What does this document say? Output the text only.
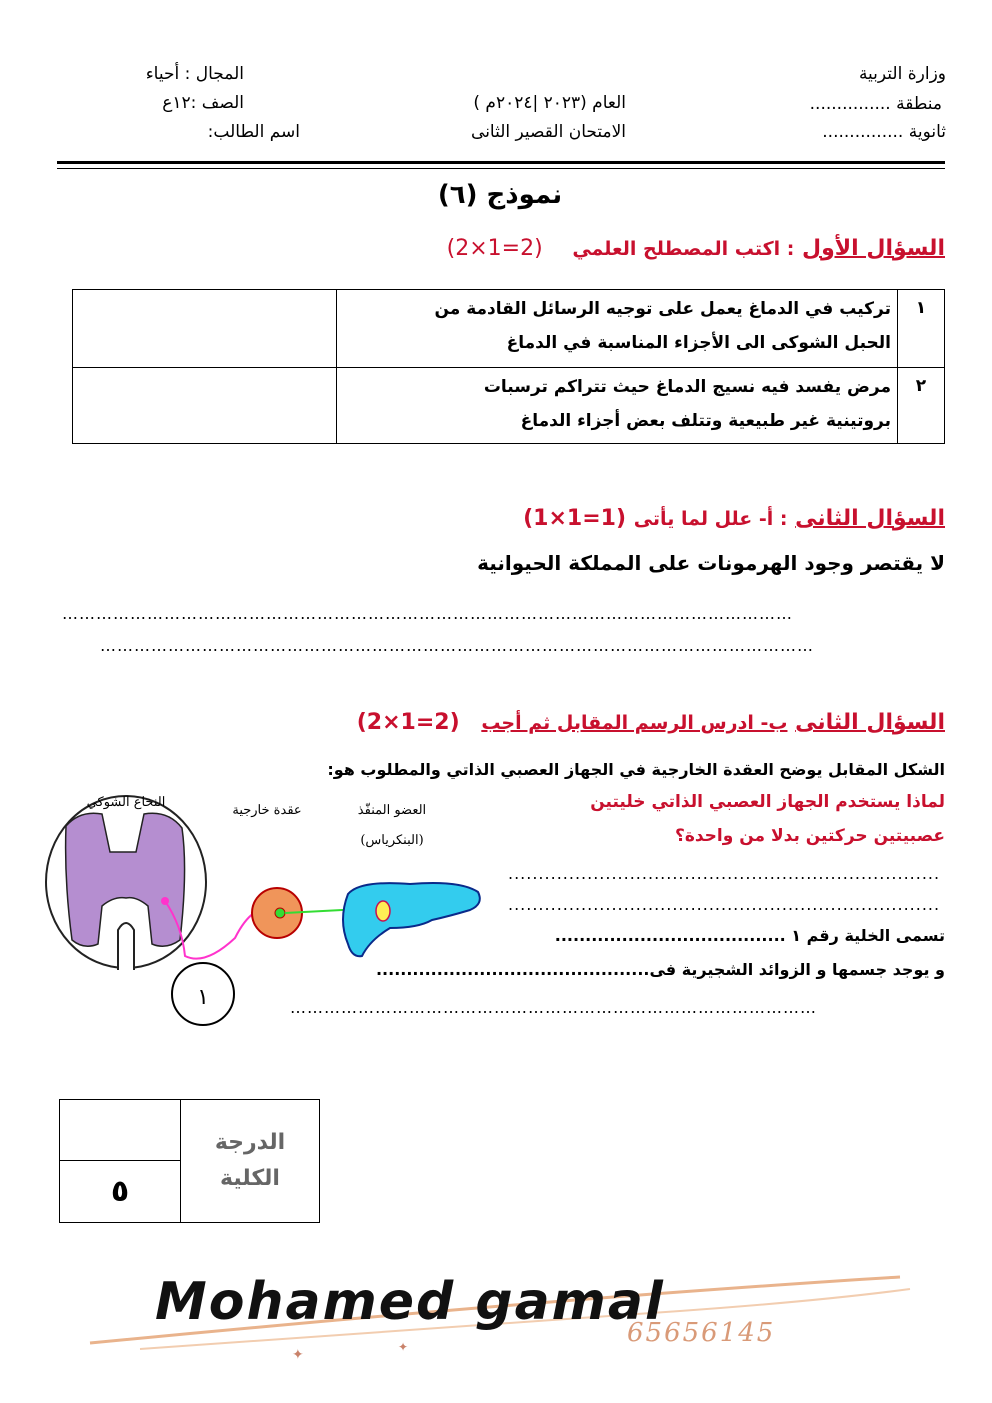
وزارة التربية
منطقة ...............
ثانوية ...............
العام (٢٠٢٣ |٢٠٢٤م )
الامتحان القصير الثانى
المجال : أحياء
الصف :١٢ع
اسم الطالب:
نموذج (٦)
السؤال الأول : اكتب المصطلح العلمي (2=1×2)
١	تركيب في الدماغ يعمل على توجيه الرسائل القادمة من
الحبل الشوكى الى الأجزاء المناسبة في الدماغ	

٢	مرض يفسد فيه نسيج الدماغ حيث تتراكم ترسبات
بروتينية غير طبيعية وتتلف بعض أجزاء الدماغ	

السؤال الثانى : أ- علل لما يأتى (1=1×1)
لا يقتصر وجود الهرمونات على المملكة الحيوانية
…………………………………………………………………………………………………………………
………………………………………………………………………………………………………………
السؤال الثانى ب- ادرس الرسم المقابل ثم أجب (2=1×2)
الشكل المقابل يوضح العقدة الخارجية في الجهاز العصبي الذاتي والمطلوب هو:
لماذا يستخدم الجهاز العصبي الذاتي خليتين
عصبيتين حركتين بدلا من واحدة؟
.......................................................................
.......................................................................
تسمى الخلية رقم ١ ......................................
و يوجد جسمها و الزوائد الشجيرية فى.............................................
…………………………………………………………………………………
١
النخاع الشوكي
عقدة خارجية	العضو المنفّذ
(البنكرياس)

الدرجة
الكلية

٥
✦	✦
Mohamed gamal
65656145
